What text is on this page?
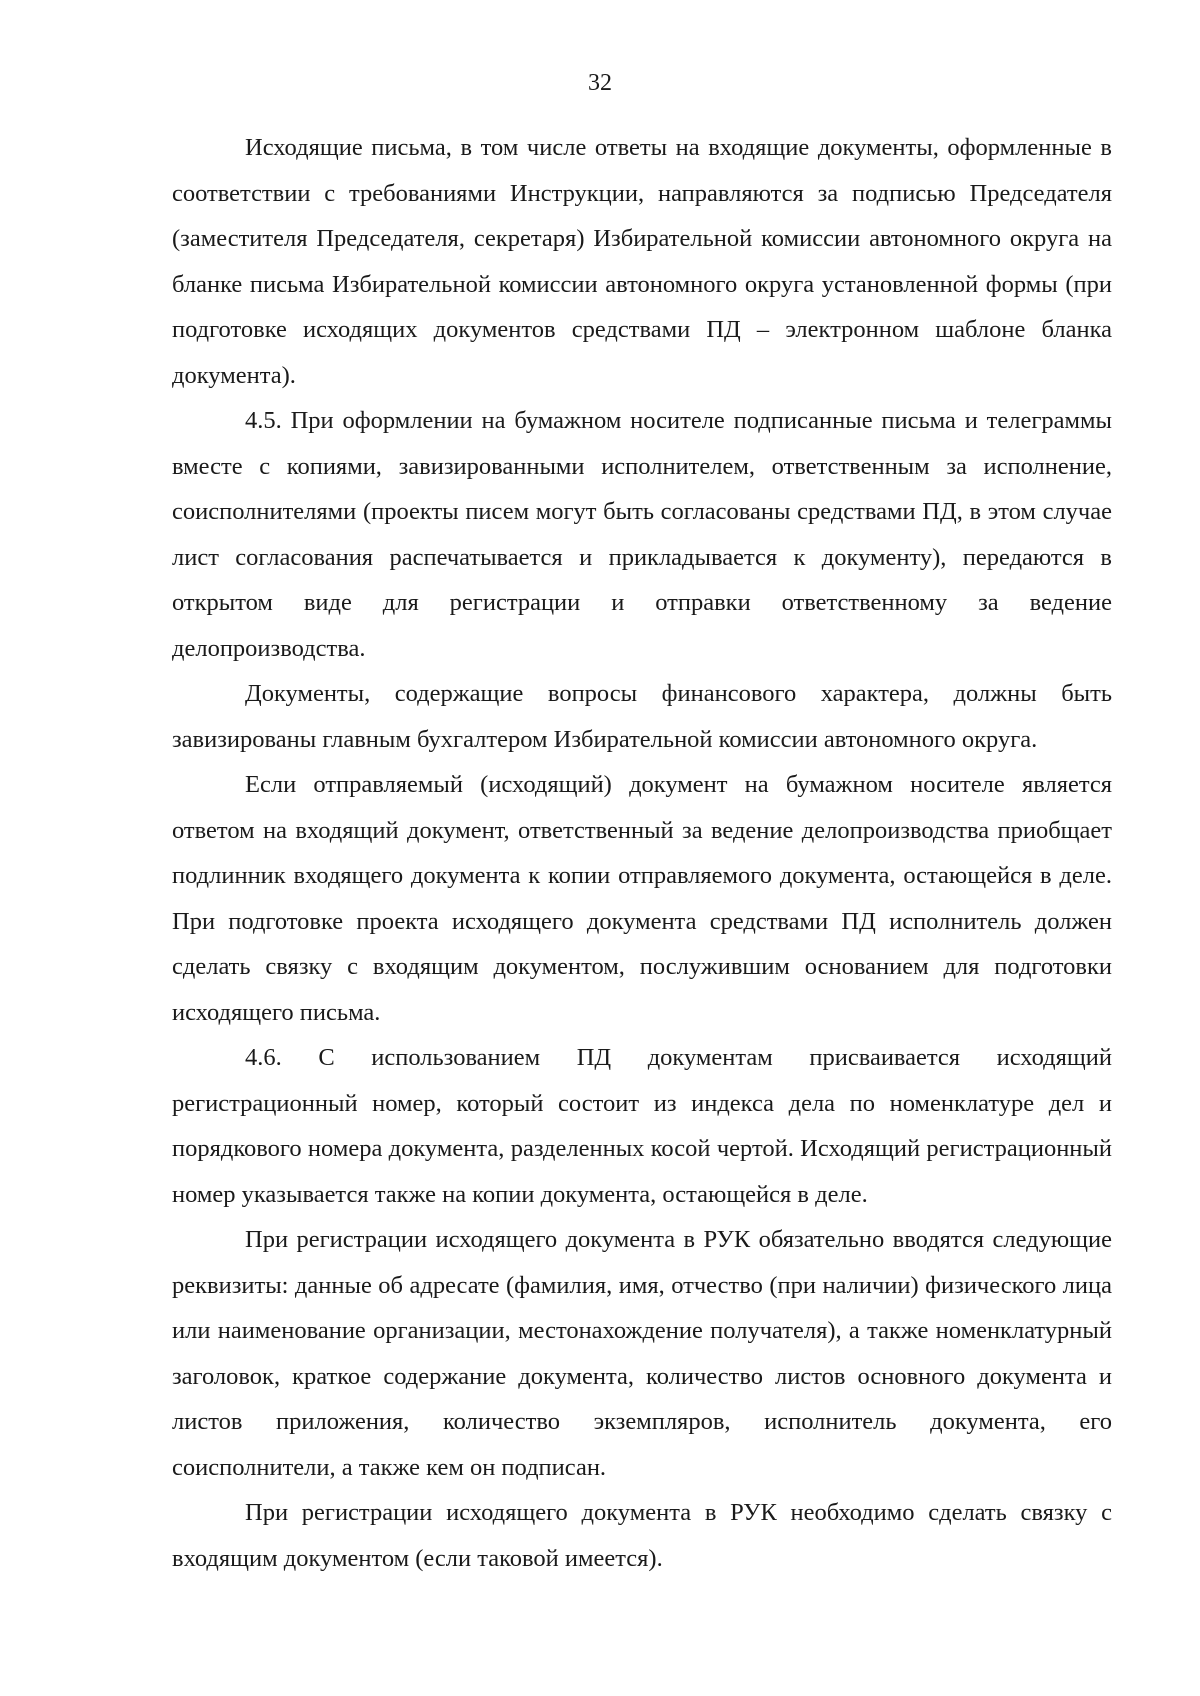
32

Исходящие письма, в том числе ответы на входящие документы, оформленные в соответствии с требованиями Инструкции, направляются за подписью Председателя (заместителя Председателя, секретаря) Избирательной комиссии автономного округа на бланке письма Избирательной комиссии автономного округа установленной формы (при подготовке исходящих документов средствами ПД – электронном шаблоне бланка документа).

4.5. При оформлении на бумажном носителе подписанные письма и телеграммы вместе с копиями, завизированными исполнителем, ответственным за исполнение, соисполнителями (проекты писем могут быть согласованы средствами ПД, в этом случае лист согласования распечатывается и прикладывается к документу), передаются в открытом виде для регистрации и отправки ответственному за ведение делопроизводства.

Документы, содержащие вопросы финансового характера, должны быть завизированы главным бухгалтером Избирательной комиссии автономного округа.

Если отправляемый (исходящий) документ на бумажном носителе является ответом на входящий документ, ответственный за ведение делопроизводства приобщает подлинник входящего документа к копии отправляемого документа, остающейся в деле. При подготовке проекта исходящего документа средствами ПД исполнитель должен сделать связку с входящим документом, послужившим основанием для подготовки исходящего письма.

4.6. С использованием ПД документам присваивается исходящий регистрационный номер, который состоит из индекса дела по номенклатуре дел и порядкового номера документа, разделенных косой чертой. Исходящий регистрационный номер указывается также на копии документа, остающейся в деле.

При регистрации исходящего документа в РУК обязательно вводятся следующие реквизиты: данные об адресате (фамилия, имя, отчество (при наличии) физического лица или наименование организации, местонахождение получателя), а также номенклатурный заголовок, краткое содержание документа, количество листов основного документа и листов приложения, количество экземпляров, исполнитель документа, его соисполнители, а также кем он подписан.

При регистрации исходящего документа в РУК необходимо сделать связку с входящим документом (если таковой имеется).
